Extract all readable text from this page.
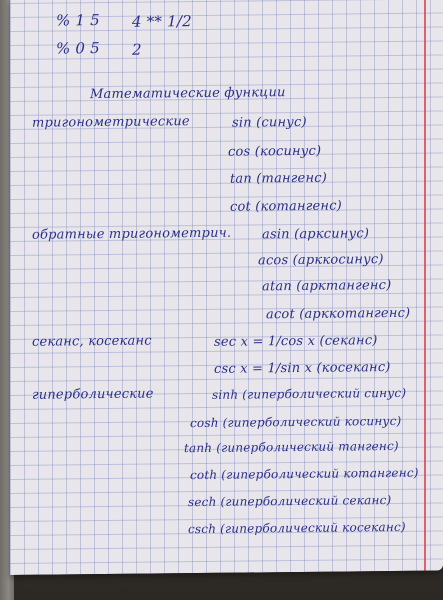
% 1 5 4 ** 1/2
% 0 5 2
Математические функции
тригонометрические	sin (синус)
cos (косинус)
tan (тангенс)
cot (котангенс)
обратные тригонометрич. asin (арксинус)
acos (арккосинус)
atan (арктангенс)
acot (арккотангенс)
секанс, косеканс	sec x = 1/cos x (секанс)
csc x = 1/sin x (косеканс)
гиперболические	sinh (гиперболический синус)
cosh (гиперболический косинус)
tanh (гиперболический тангенс)
coth (гиперболический котангенс)
sech (гиперболический секанс)
csch (гиперболический косеканс)
